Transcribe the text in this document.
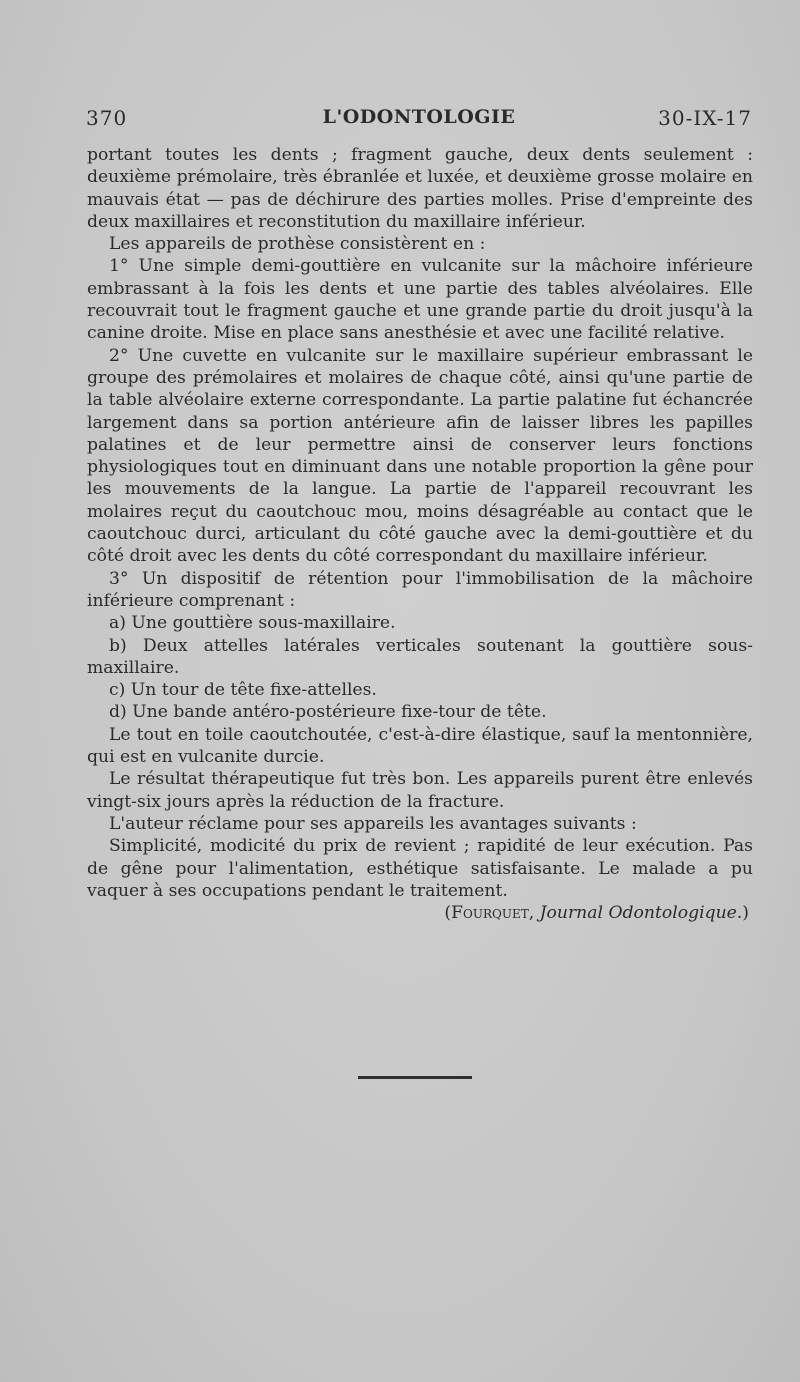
370	L'ODONTOLOGIE	30-IX-17

portant toutes les dents ; fragment gauche, deux dents seulement : deuxième prémolaire, très ébranlée et luxée, et deuxième grosse molaire en mauvais état — pas de déchirure des parties molles. Prise d'empreinte des deux maxillaires et reconstitution du maxillaire inférieur.

Les appareils de prothèse consistèrent en :

1° Une simple demi-gouttière en vulcanite sur la mâchoire inférieure embrassant à la fois les dents et une partie des tables alvéolaires. Elle recouvrait tout le fragment gauche et une grande partie du droit jusqu'à la canine droite. Mise en place sans anesthésie et avec une facilité relative.

2° Une cuvette en vulcanite sur le maxillaire supérieur embrassant le groupe des prémolaires et molaires de chaque côté, ainsi qu'une partie de la table alvéolaire externe correspondante. La partie palatine fut échancrée largement dans sa portion antérieure afin de laisser libres les papilles palatines et de leur permettre ainsi de conserver leurs fonctions physiologiques tout en diminuant dans une notable proportion la gêne pour les mouvements de la langue. La partie de l'appareil recouvrant les molaires reçut du caoutchouc mou, moins désagréable au contact que le caoutchouc durci, articulant du côté gauche avec la demi-gouttière et du côté droit avec les dents du côté correspondant du maxillaire inférieur.

3° Un dispositif de rétention pour l'immobilisation de la mâchoire inférieure comprenant :

a) Une gouttière sous-maxillaire.

b) Deux attelles latérales verticales soutenant la gouttière sous-maxillaire.

c) Un tour de tête fixe-attelles.

d) Une bande antéro-postérieure fixe-tour de tête.

Le tout en toile caoutchoutée, c'est-à-dire élastique, sauf la mentonnière, qui est en vulcanite durcie.

Le résultat thérapeutique fut très bon. Les appareils purent être enlevés vingt-six jours après la réduction de la fracture.

L'auteur réclame pour ses appareils les avantages suivants :

Simplicité, modicité du prix de revient ; rapidité de leur exécution. Pas de gêne pour l'alimentation, esthétique satisfaisante. Le malade a pu vaquer à ses occupations pendant le traitement.

(Fourquet, Journal Odontologique.)
